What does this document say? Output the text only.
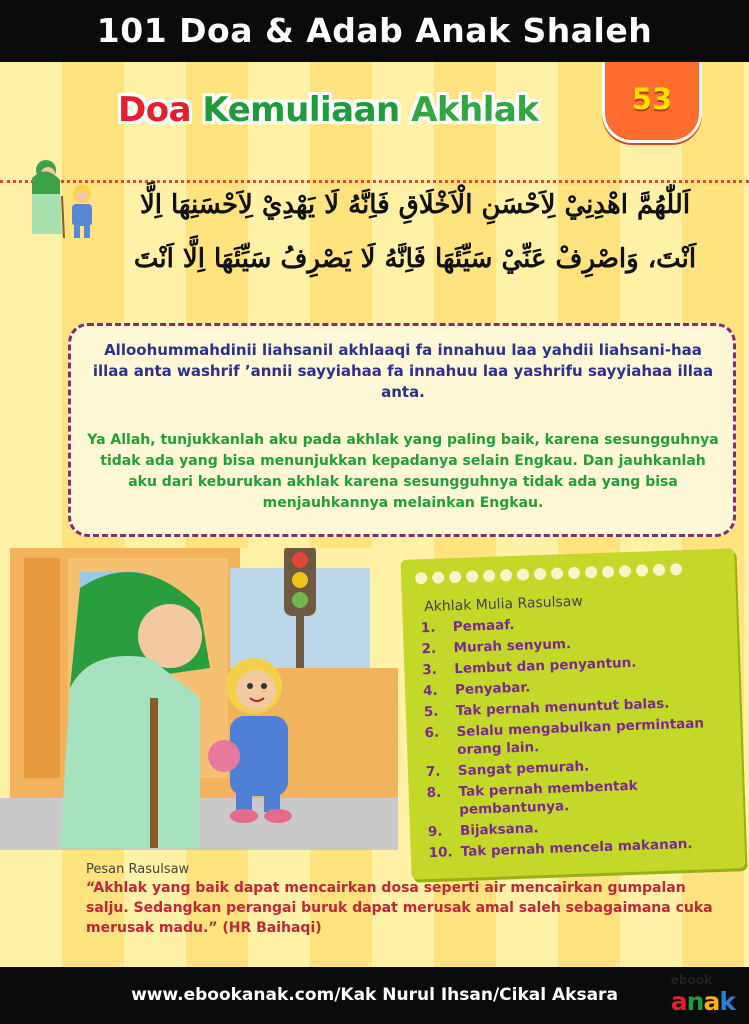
101 Doa & Adab Anak Shaleh
Doa Kemuliaan Akhlak	53
اَللّٰهُمَّ اهْدِنِيْ لِاَحْسَنِ الْاَخْلَاقِ فَاِنَّهُ لَا يَهْدِيْ لِاَحْسَنِهَا اِلَّا
اَنْتَ، وَاصْرِفْ عَنِّيْ سَيِّئَهَا فَاِنَّهُ لَا يَصْرِفُ سَيِّئَهَا اِلَّا اَنْتَ
Alloohummahdinii liahsanil akhlaaqi fa innahuu laa yahdii liahsani-haa illaa anta washrif ’annii sayyiahaa fa innahuu laa yashrifu sayyiahaa illaa anta.
Ya Allah, tunjukkanlah aku pada akhlak yang paling baik, karena sesungguhnya tidak ada yang bisa menunjukkan kepadanya selain Engkau. Dan jauhkanlah aku dari keburukan akhlak karena sesungguhnya tidak ada yang bisa menjauhkannya melainkan Engkau.
Akhlak Mulia Rasulsaw
1.	Pemaaf.
2.	Murah senyum.
3.	Lembut dan penyantun.
4.	Penyabar.
5.	Tak pernah menuntut balas.
6.	Selalu mengabulkan permintaan orang lain.
7.	Sangat pemurah.
8.	Tak pernah membentak pembantunya.
9.	Bijaksana.
10. Tak pernah mencela makanan.
Pesan Rasulsaw
“Akhlak yang baik dapat mencairkan dosa seperti air mencairkan gumpalan salju. Sedangkan perangai buruk dapat merusak amal saleh sebagaimana cuka merusak madu.” (HR Baihaqi)
www.ebookanak.com/Kak Nurul Ihsan/Cikal Aksara
ebook
anak
